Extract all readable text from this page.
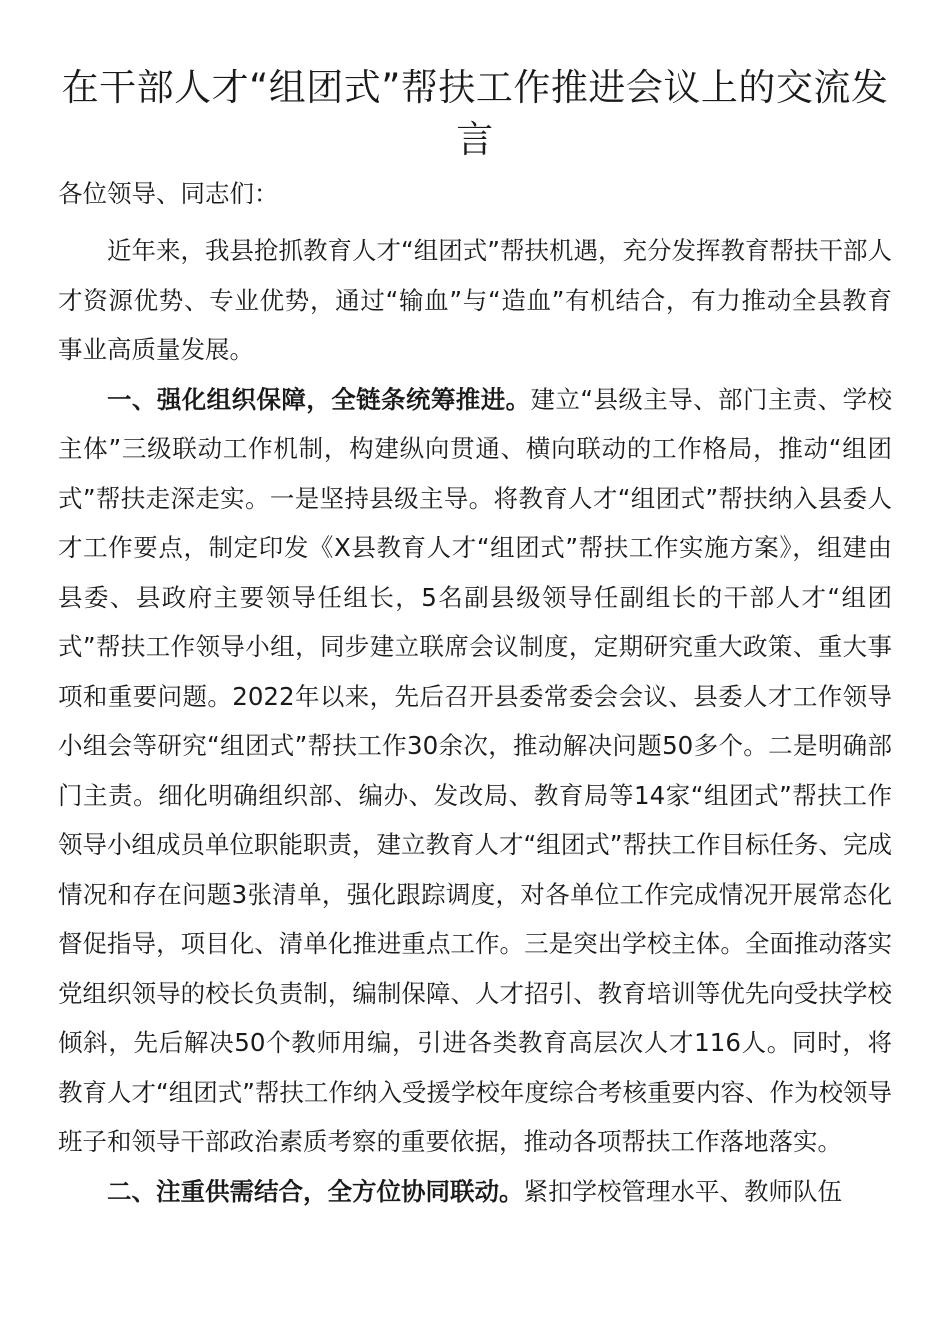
在干部人才“组团式”帮扶工作推进会议上的交流发言

各位领导、同志们：

近年来，我县抢抓教育人才“组团式”帮扶机遇，充分发挥教育帮扶干部人才资源优势、专业优势，通过“输血”与“造血”有机结合，有力推动全县教育事业高质量发展。

一、强化组织保障，全链条统筹推进。建立“县级主导、部门主责、学校主体”三级联动工作机制，构建纵向贯通、横向联动的工作格局，推动“组团式”帮扶走深走实。一是坚持县级主导。将教育人才“组团式”帮扶纳入县委人才工作要点，制定印发《X县教育人才“组团式”帮扶工作实施方案》，组建由县委、县政府主要领导任组长，5名副县级领导任副组长的干部人才“组团式”帮扶工作领导小组，同步建立联席会议制度，定期研究重大政策、重大事项和重要问题。2022年以来，先后召开县委常委会会议、县委人才工作领导小组会等研究“组团式”帮扶工作30余次，推动解决问题50多个。二是明确部门主责。细化明确组织部、编办、发改局、教育局等14家“组团式”帮扶工作领导小组成员单位职能职责，建立教育人才“组团式”帮扶工作目标任务、完成情况和存在问题3张清单，强化跟踪调度，对各单位工作完成情况开展常态化督促指导，项目化、清单化推进重点工作。三是突出学校主体。全面推动落实党组织领导的校长负责制，编制保障、人才招引、教育培训等优先向受扶学校倾斜，先后解决50个教师用编，引进各类教育高层次人才116人。同时，将教育人才“组团式”帮扶工作纳入受援学校年度综合考核重要内容、作为校领导班子和领导干部政治素质考察的重要依据，推动各项帮扶工作落地落实。

二、注重供需结合，全方位协同联动。紧扣学校管理水平、教师队伍
